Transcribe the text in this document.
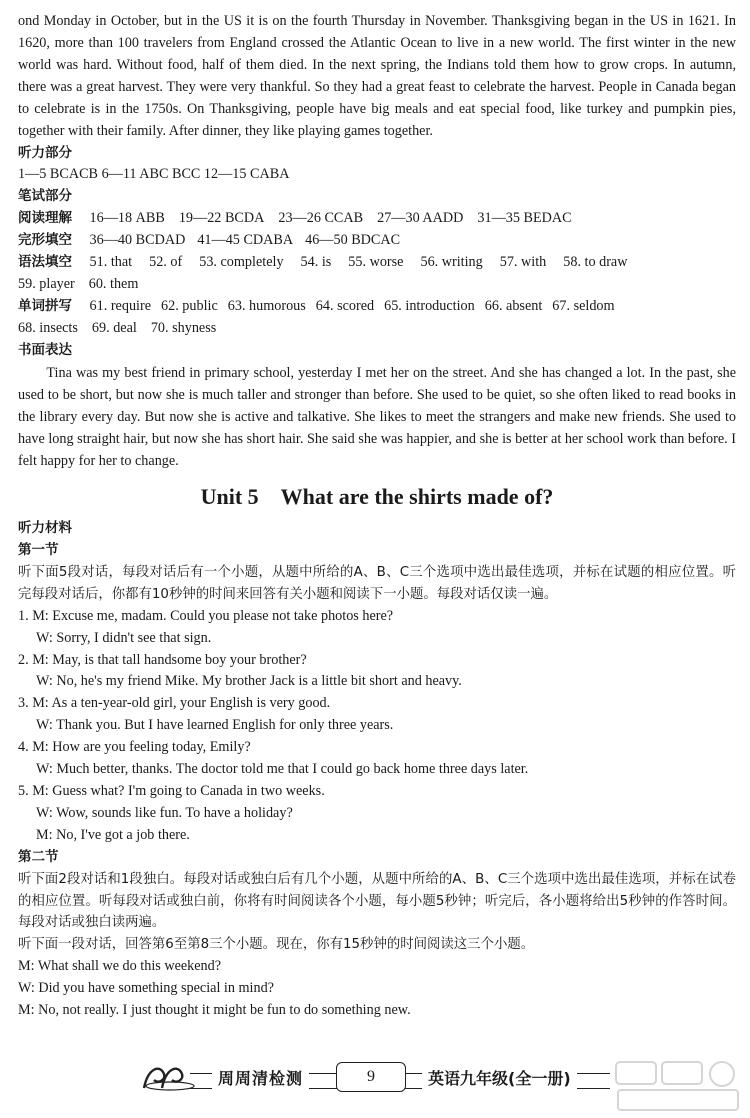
ond Monday in October, but in the US it is on the fourth Thursday in November. Thanksgiving began in the US in 1621. In 1620, more than 100 travelers from England crossed the Atlantic Ocean to live in a new world. The first winter in the new world was hard. Without food, half of them died. In the next spring, the Indians told them how to grow crops. In autumn, there was a great harvest. They were very thankful. So they had a great feast to celebrate the harvest. People in Canada began to celebrate is in the 1750s. On Thanksgiving, people have big meals and eat special food, like turkey and pumpkin pies, together with their family. After dinner, they like playing games together.

听力部分

1—5 BCACB 6—11 ABC BCC 12—15 CABA

笔试部分

阅读理解 16—18 ABB 19—22 BCDA 23—26 CCAB 27—30 AADD 31—35 BEDAC

完形填空 36—40 BCDAD 41—45 CDABA 46—50 BDCAC

语法填空 51. that 52. of 53. completely 54. is 55. worse 56. writing 57. with 58. to draw

59. player 60. them

单词拼写 61. require 62. public 63. humorous 64. scored 65. introduction 66. absent 67. seldom

68. insects 69. deal 70. shyness

书面表达

Tina was my best friend in primary school, yesterday I met her on the street. And she has changed a lot. In the past, she used to be short, but now she is much taller and stronger than before. She used to be quiet, so she often liked to read books in the library every day. But now she is active and talkative. She likes to meet the strangers and make new friends. She used to have long straight hair, but now she has short hair. She said she was happier, and she is better at her school work than before. I felt happy for her to change.

Unit 5 What are the shirts made of?

听力材料

第一节

听下面5段对话，每段对话后有一个小题，从题中所给的A、B、C三个选项中选出最佳选项，并标在试题的相应位置。听完每段对话后，你都有10秒钟的时间来回答有关小题和阅读下一小题。每段对话仅读一遍。

1. M: Excuse me, madam. Could you please not take photos here?

W: Sorry, I didn't see that sign.

2. M: May, is that tall handsome boy your brother?

W: No, he's my friend Mike. My brother Jack is a little bit short and heavy.

3. M: As a ten-year-old girl, your English is very good.

W: Thank you. But I have learned English for only three years.

4. M: How are you feeling today, Emily?

W: Much better, thanks. The doctor told me that I could go back home three days later.

5. M: Guess what? I'm going to Canada in two weeks.

W: Wow, sounds like fun. To have a holiday?

M: No, I've got a job there.

第二节

听下面2段对话和1段独白。每段对话或独白后有几个小题，从题中所给的A、B、C三个选项中选出最佳选项，并标在试卷的相应位置。听每段对话或独白前，你将有时间阅读各个小题，每小题5秒钟；听完后，各小题将给出5秒钟的作答时间。每段对话或独白读两遍。

听下面一段对话，回答第6至第8三个小题。现在，你有15秒钟的时间阅读这三个小题。

M: What shall we do this weekend?

W: Did you have something special in mind?

M: No, not really. I just thought it might be fun to do something new.

周周清检测	9	英语九年级(全一册)
